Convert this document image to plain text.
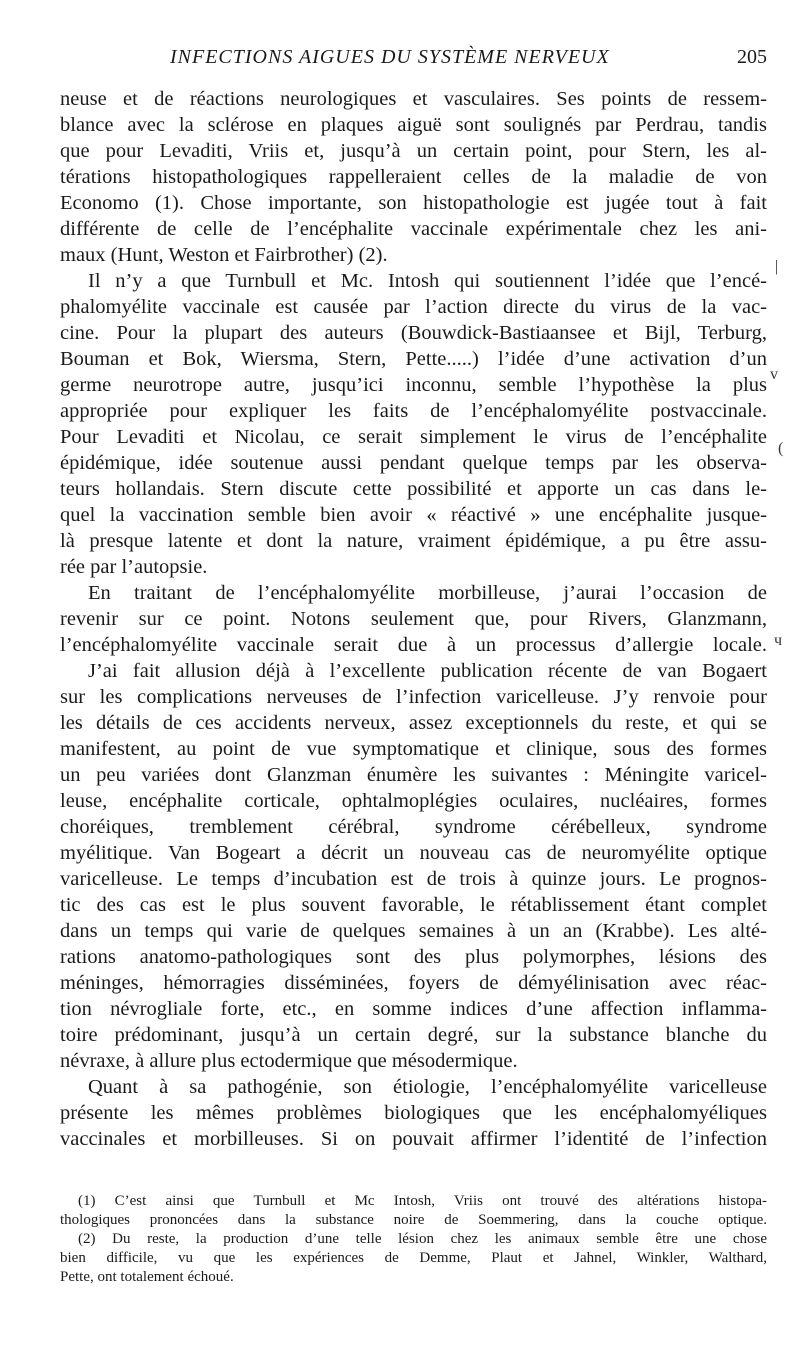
INFECTIONS AIGUES DU SYSTÈME NERVEUX	205
neuse et de réactions neurologiques et vasculaires. Ses points de ressem-
blance avec la sclérose en plaques aiguë sont soulignés par Perdrau, tandis
que pour Levaditi, Vriis et, jusqu’à un certain point, pour Stern, les al-
térations histopathologiques rappelleraient celles de la maladie de von
Economo (1). Chose importante, son histopathologie est jugée tout à fait
différente de celle de l’encéphalite vaccinale expérimentale chez les ani-
maux (Hunt, Weston et Fairbrother) (2).
Il n’y a que Turnbull et Mc. Intosh qui soutiennent l’idée que l’encé-
phalomyélite vaccinale est causée par l’action directe du virus de la vac-
cine. Pour la plupart des auteurs (Bouwdick-Bastiaansee et Bijl, Terburg,
Bouman et Bok, Wiersma, Stern, Pette.....) l’idée d’une activation d’un
germe neurotrope autre, jusqu’ici inconnu, semble l’hypothèse la plus
appropriée pour expliquer les faits de l’encéphalomyélite postvaccinale.
Pour Levaditi et Nicolau, ce serait simplement le virus de l’encéphalite
épidémique, idée soutenue aussi pendant quelque temps par les observa-
teurs hollandais. Stern discute cette possibilité et apporte un cas dans le-
quel la vaccination semble bien avoir « réactivé » une encéphalite jusque-
là presque latente et dont la nature, vraiment épidémique, a pu être assu-
rée par l’autopsie.
En traitant de l’encéphalomyélite morbilleuse, j’aurai l’occasion de
revenir sur ce point. Notons seulement que, pour Rivers, Glanzmann,
l’encéphalomyélite vaccinale serait due à un processus d’allergie locale.
J’ai fait allusion déjà à l’excellente publication récente de van Bogaert
sur les complications nerveuses de l’infection varicelleuse. J’y renvoie pour
les détails de ces accidents nerveux, assez exceptionnels du reste, et qui se
manifestent, au point de vue symptomatique et clinique, sous des formes
un peu variées dont Glanzman énumère les suivantes : Méningite varicel-
leuse, encéphalite corticale, ophtalmoplégies oculaires, nucléaires, formes
choréiques, tremblement cérébral, syndrome cérébelleux, syndrome
myélitique. Van Bogeart a décrit un nouveau cas de neuromyélite optique
varicelleuse. Le temps d’incubation est de trois à quinze jours. Le prognos-
tic des cas est le plus souvent favorable, le rétablissement étant complet
dans un temps qui varie de quelques semaines à un an (Krabbe). Les alté-
rations anatomo-pathologiques sont des plus polymorphes, lésions des
méninges, hémorragies disséminées, foyers de démyélinisation avec réac-
tion névrogliale forte, etc., en somme indices d’une affection inflamma-
toire prédominant, jusqu’à un certain degré, sur la substance blanche du
névraxe, à allure plus ectodermique que mésodermique.
Quant à sa pathogénie, son étiologie, l’encéphalomyélite varicelleuse
présente les mêmes problèmes biologiques que les encéphalomyéliques
vaccinales et morbilleuses. Si on pouvait affirmer l’identité de l’infection
(1) C’est ainsi que Turnbull et Mc Intosh, Vriis ont trouvé des altérations histopa-
thologiques prononcées dans la substance noire de Soemmering, dans la couche optique.
(2) Du reste, la production d’une telle lésion chez les animaux semble être une chose
bien difficile, vu que les expériences de Demme, Plaut et Jahnel, Winkler, Walthard,
Pette, ont totalement échoué.
|
v
(
ч
